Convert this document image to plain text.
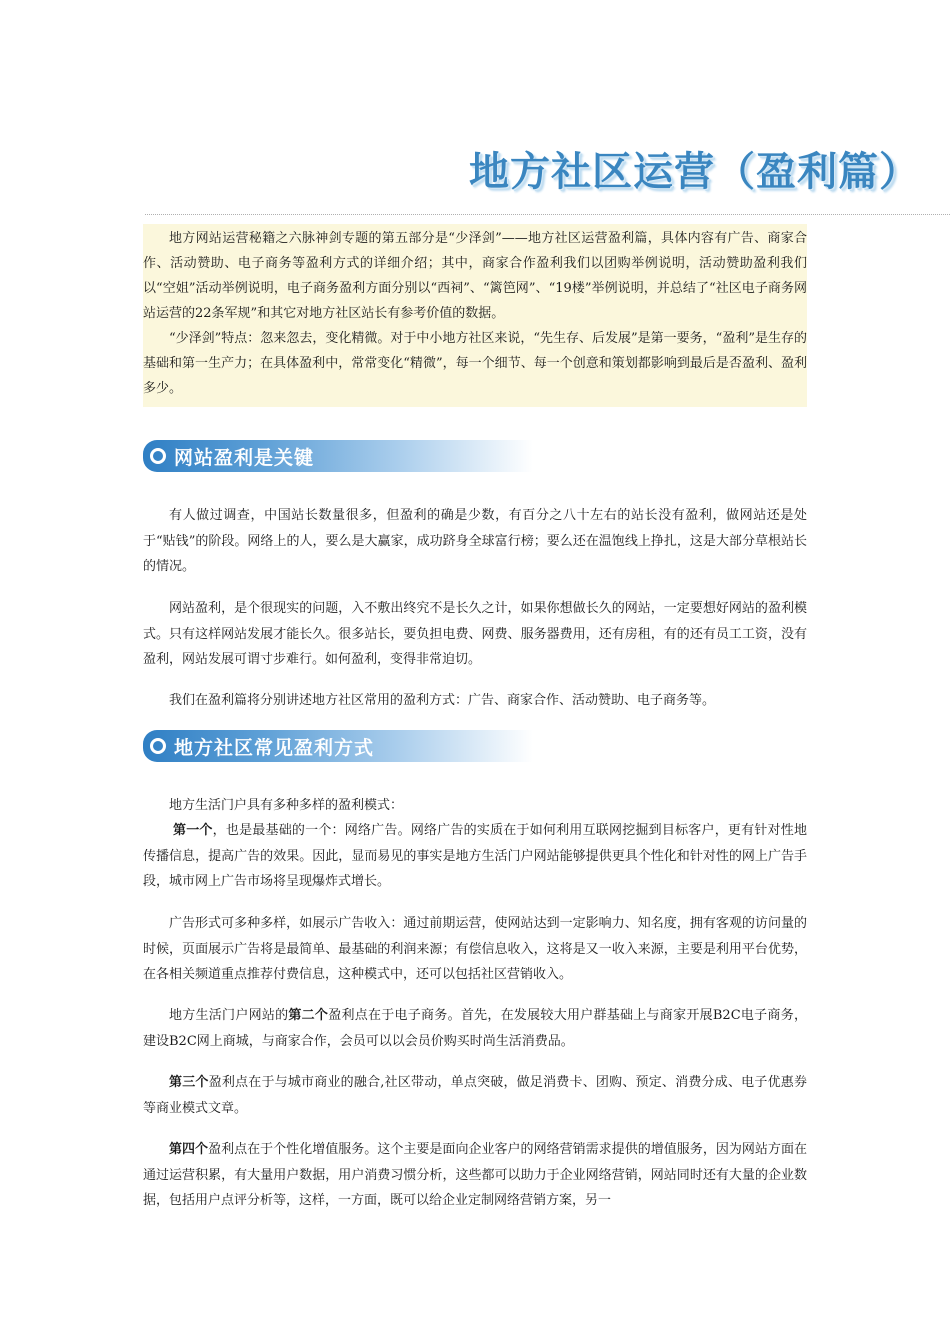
地方社区运营（盈利篇）

地方网站运营秘籍之六脉神剑专题的第五部分是“少泽剑”——地方社区运营盈利篇，具体内容有广告、商家合作、活动赞助、电子商务等盈利方式的详细介绍；其中，商家合作盈利我们以团购举例说明，活动赞助盈利我们以“空姐”活动举例说明，电子商务盈利方面分别以“西祠”、“篱笆网”、“19楼”举例说明，并总结了“社区电子商务网站运营的22条军规”和其它对地方社区站长有参考价值的数据。

“少泽剑”特点：忽来忽去，变化精微。对于中小地方社区来说，“先生存、后发展”是第一要务，“盈利”是生存的基础和第一生产力；在具体盈利中，常常变化“精微”，每一个细节、每一个创意和策划都影响到最后是否盈利、盈利多少。

网站盈利是关键

有人做过调查，中国站长数量很多，但盈利的确是少数，有百分之八十左右的站长没有盈利，做网站还是处于“贴钱”的阶段。网络上的人，要么是大赢家，成功跻身全球富行榜；要么还在温饱线上挣扎，这是大部分草根站长的情况。

网站盈利，是个很现实的问题，入不敷出终究不是长久之计，如果你想做长久的网站，一定要想好网站的盈利模式。只有这样网站发展才能长久。很多站长，要负担电费、网费、服务器费用，还有房租，有的还有员工工资，没有盈利，网站发展可谓寸步难行。如何盈利，变得非常迫切。

我们在盈利篇将分别讲述地方社区常用的盈利方式：广告、商家合作、活动赞助、电子商务等。

地方社区常见盈利方式

地方生活门户具有多种多样的盈利模式：

第一个，也是最基础的一个：网络广告。网络广告的实质在于如何利用互联网挖掘到目标客户，更有针对性地传播信息，提高广告的效果。因此，显而易见的事实是地方生活门户网站能够提供更具个性化和针对性的网上广告手段，城市网上广告市场将呈现爆炸式增长。

广告形式可多种多样，如展示广告收入：通过前期运营，使网站达到一定影响力、知名度，拥有客观的访问量的时候，页面展示广告将是最简单、最基础的利润来源；有偿信息收入，这将是又一收入来源，主要是利用平台优势，在各相关频道重点推荐付费信息，这种模式中，还可以包括社区营销收入。

地方生活门户网站的第二个盈利点在于电子商务。首先，在发展较大用户群基础上与商家开展B2C电子商务，建设B2C网上商城，与商家合作，会员可以以会员价购买时尚生活消费品。

第三个盈利点在于与城市商业的融合,社区带动，单点突破，做足消费卡、团购、预定、消费分成、电子优惠券等商业模式文章。

第四个盈利点在于个性化增值服务。这个主要是面向企业客户的网络营销需求提供的增值服务，因为网站方面在通过运营积累，有大量用户数据，用户消费习惯分析，这些都可以助力于企业网络营销，网站同时还有大量的企业数据，包括用户点评分析等，这样，一方面，既可以给企业定制网络营销方案，另一
